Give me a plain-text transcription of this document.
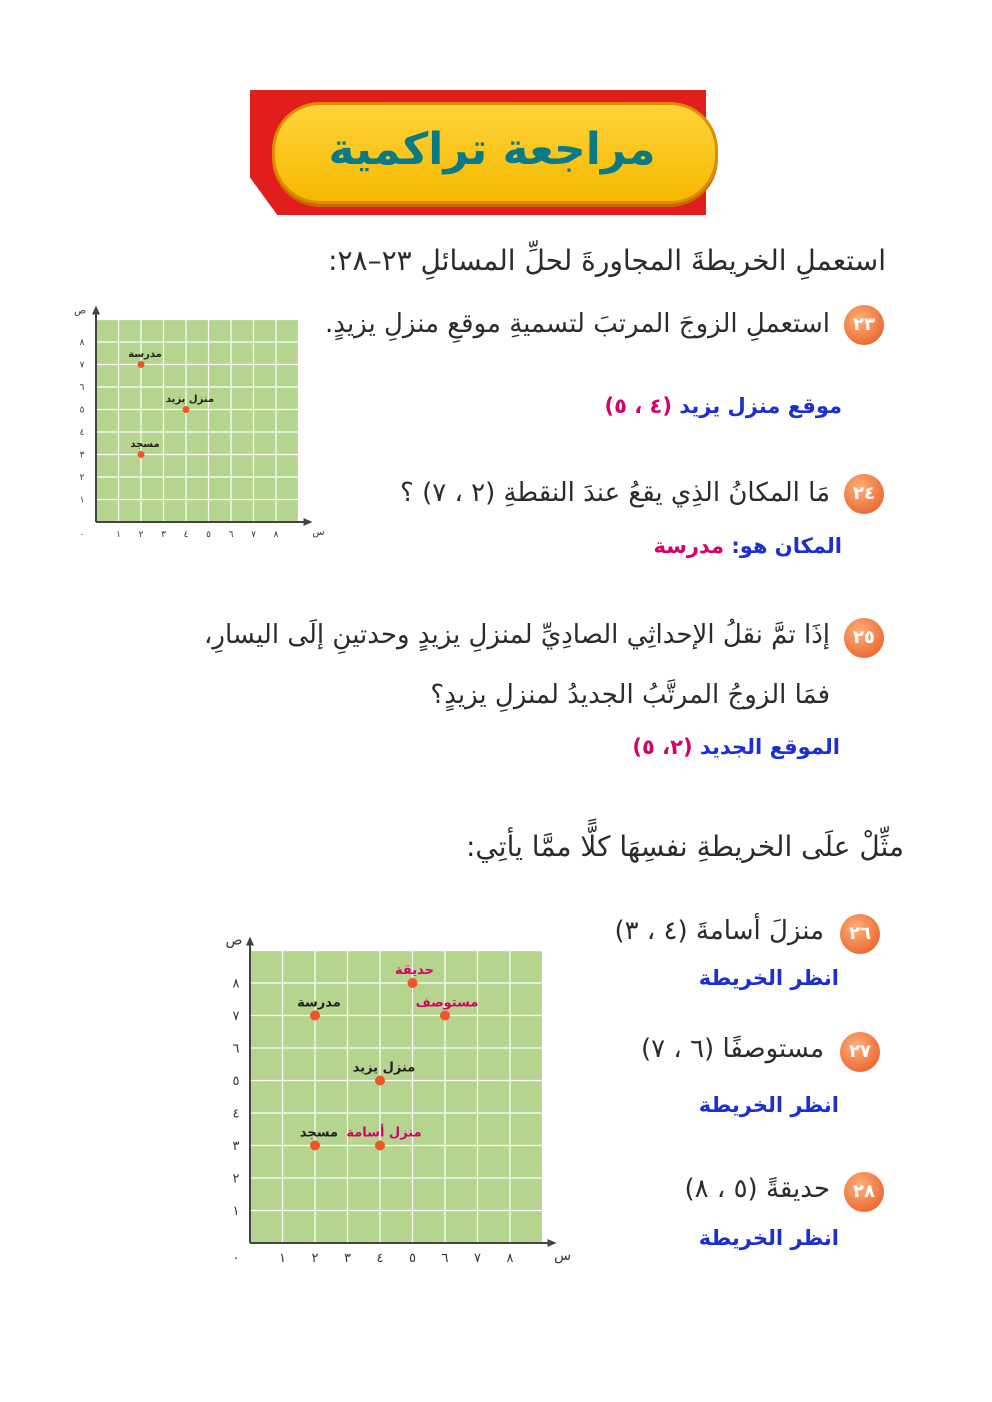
مراجعة تراكمية
استعملِ الخريطةَ المجاورةَ لحلِّ المسائلِ ٢٣–٢٨:
٠	١
١
٢
٢
٣
٣
٤
٤
٥
٥
٦
٦
٧
٧
٨
٨
س
ص
مدرسة
منزل يزيد
مسجد
٢٣
استعملِ الزوجَ المرتبَ لتسميةِ موقعِ منزلِ يزيدٍ.
موقع منزل يزيد (٤ ، ٥)
٢٤
مَا المكانُ الذِي يقعُ عندَ النقطةِ (٢ ، ٧) ؟
المكان هو: مدرسة
٢٥
إذَا تمَّ نقلُ الإحداثِي الصادِيِّ لمنزلِ يزيدٍ وحدتينِ إلَى اليسارِ،
فمَا الزوجُ المرتَّبُ الجديدُ لمنزلِ يزيدٍ؟
الموقع الجديد (٢، ٥)
مثِّلْ علَى الخريطةِ نفسِهَا كلًّا ممَّا يأتِي:
٠	١
١
٢
٢
٣
٣
٤
٤
٥
٥
٦
٦
٧
٧
٨
٨
س
ص
حديقة
مستوصف
مدرسة
منزل يزيد
منزل أسامة
مسجد
٢٦
منزلَ أسامةَ (٤ ، ٣)
انظر الخريطة
٢٧
مستوصفًا (٦ ، ٧)
انظر الخريطة
٢٨
حديقةً (٥ ، ٨)
انظر الخريطة
